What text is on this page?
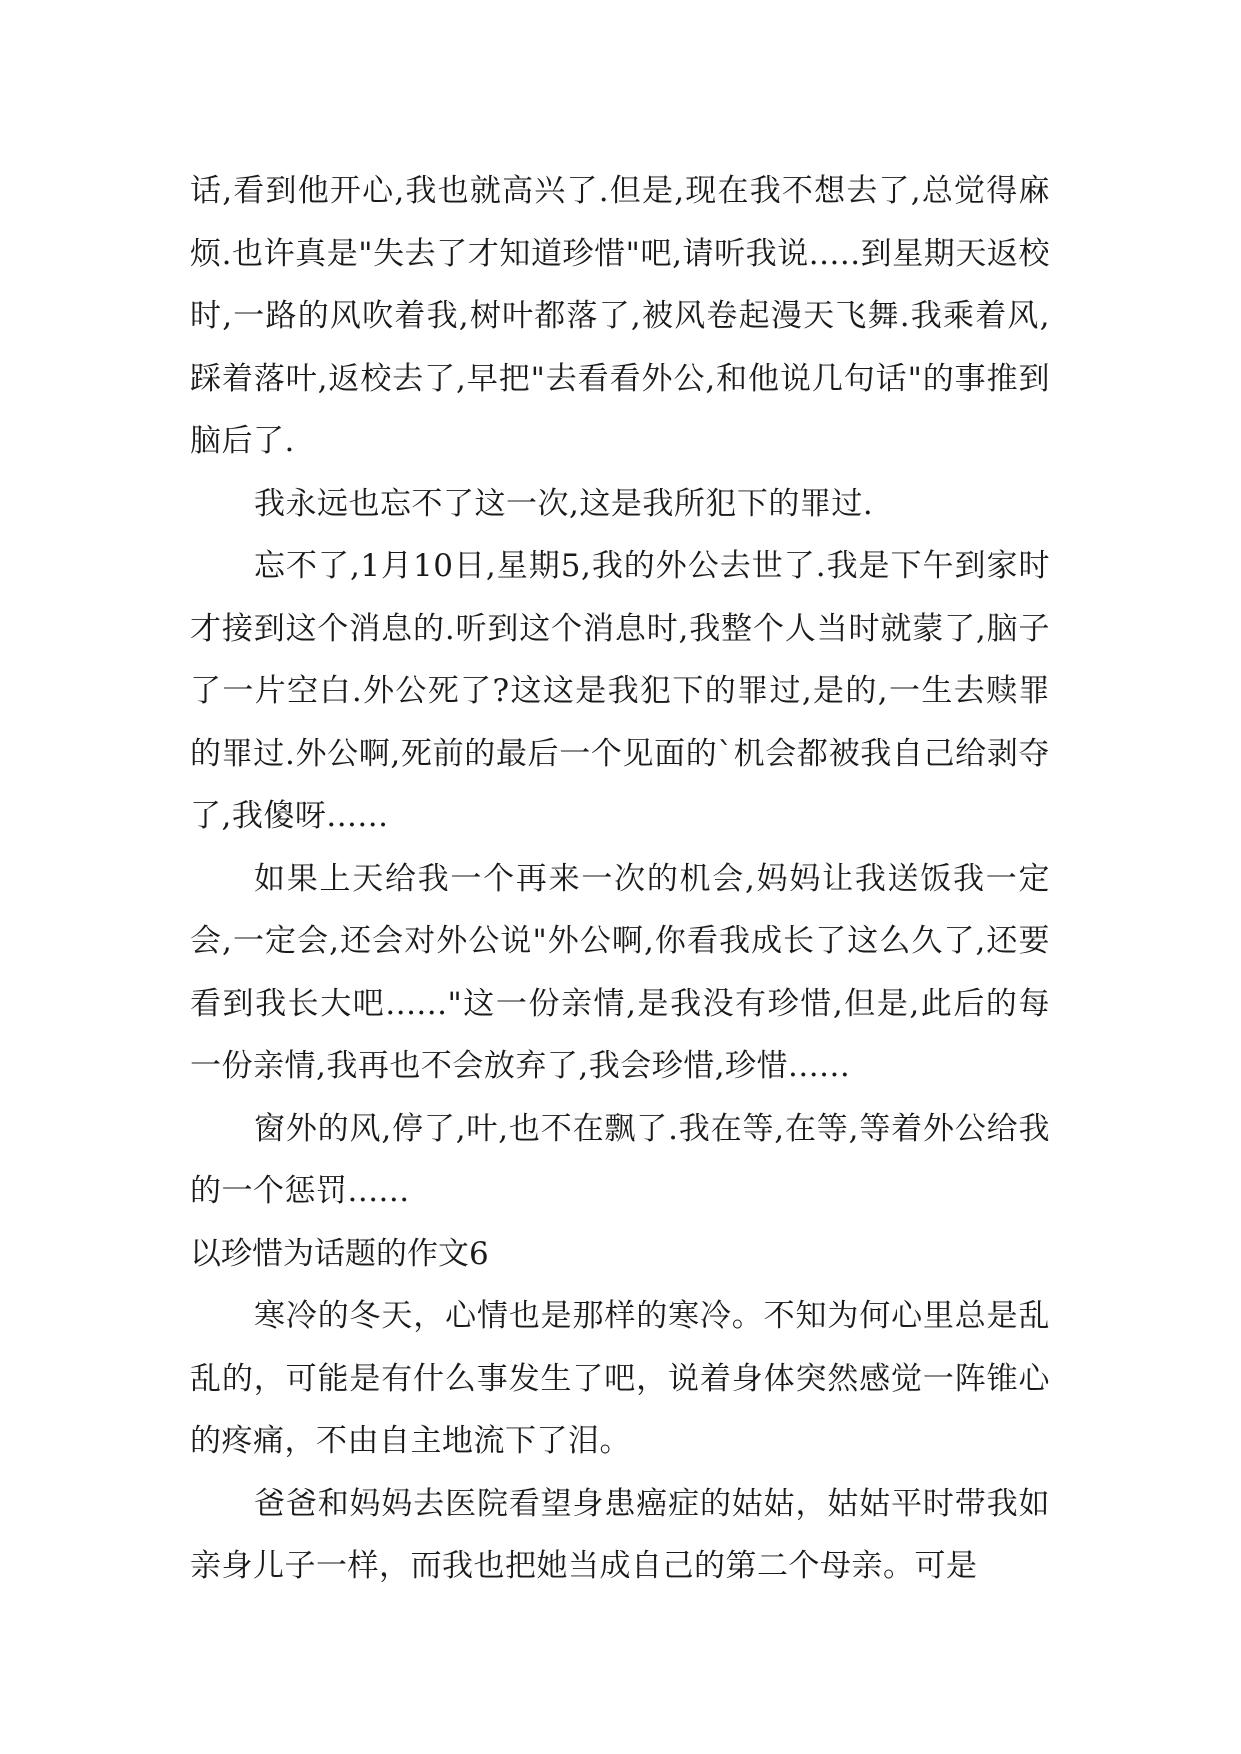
话,看到他开心,我也就高兴了.但是,现在我不想去了,总觉得麻烦.也许真是"失去了才知道珍惜"吧,请听我说.....到星期天返校时,一路的风吹着我,树叶都落了,被风卷起漫天飞舞.我乘着风,踩着落叶,返校去了,早把"去看看外公,和他说几句话"的事推到脑后了.

我永远也忘不了这一次,这是我所犯下的罪过.

忘不了,1月10日,星期5,我的外公去世了.我是下午到家时才接到这个消息的.听到这个消息时,我整个人当时就蒙了,脑子了一片空白.外公死了?这这是我犯下的罪过,是的,一生去赎罪的罪过.外公啊,死前的最后一个见面的`机会都被我自己给剥夺了,我傻呀......

如果上天给我一个再来一次的机会,妈妈让我送饭我一定会,一定会,还会对外公说"外公啊,你看我成长了这么久了,还要看到我长大吧......"这一份亲情,是我没有珍惜,但是,此后的每一份亲情,我再也不会放弃了,我会珍惜,珍惜......

窗外的风,停了,叶,也不在飘了.我在等,在等,等着外公给我的一个惩罚......

以珍惜为话题的作文6

寒冷的冬天，心情也是那样的寒冷。不知为何心里总是乱乱的，可能是有什么事发生了吧，说着身体突然感觉一阵锥心的疼痛，不由自主地流下了泪。

爸爸和妈妈去医院看望身患癌症的姑姑，姑姑平时带我如亲身儿子一样，而我也把她当成自己的第二个母亲。可是
